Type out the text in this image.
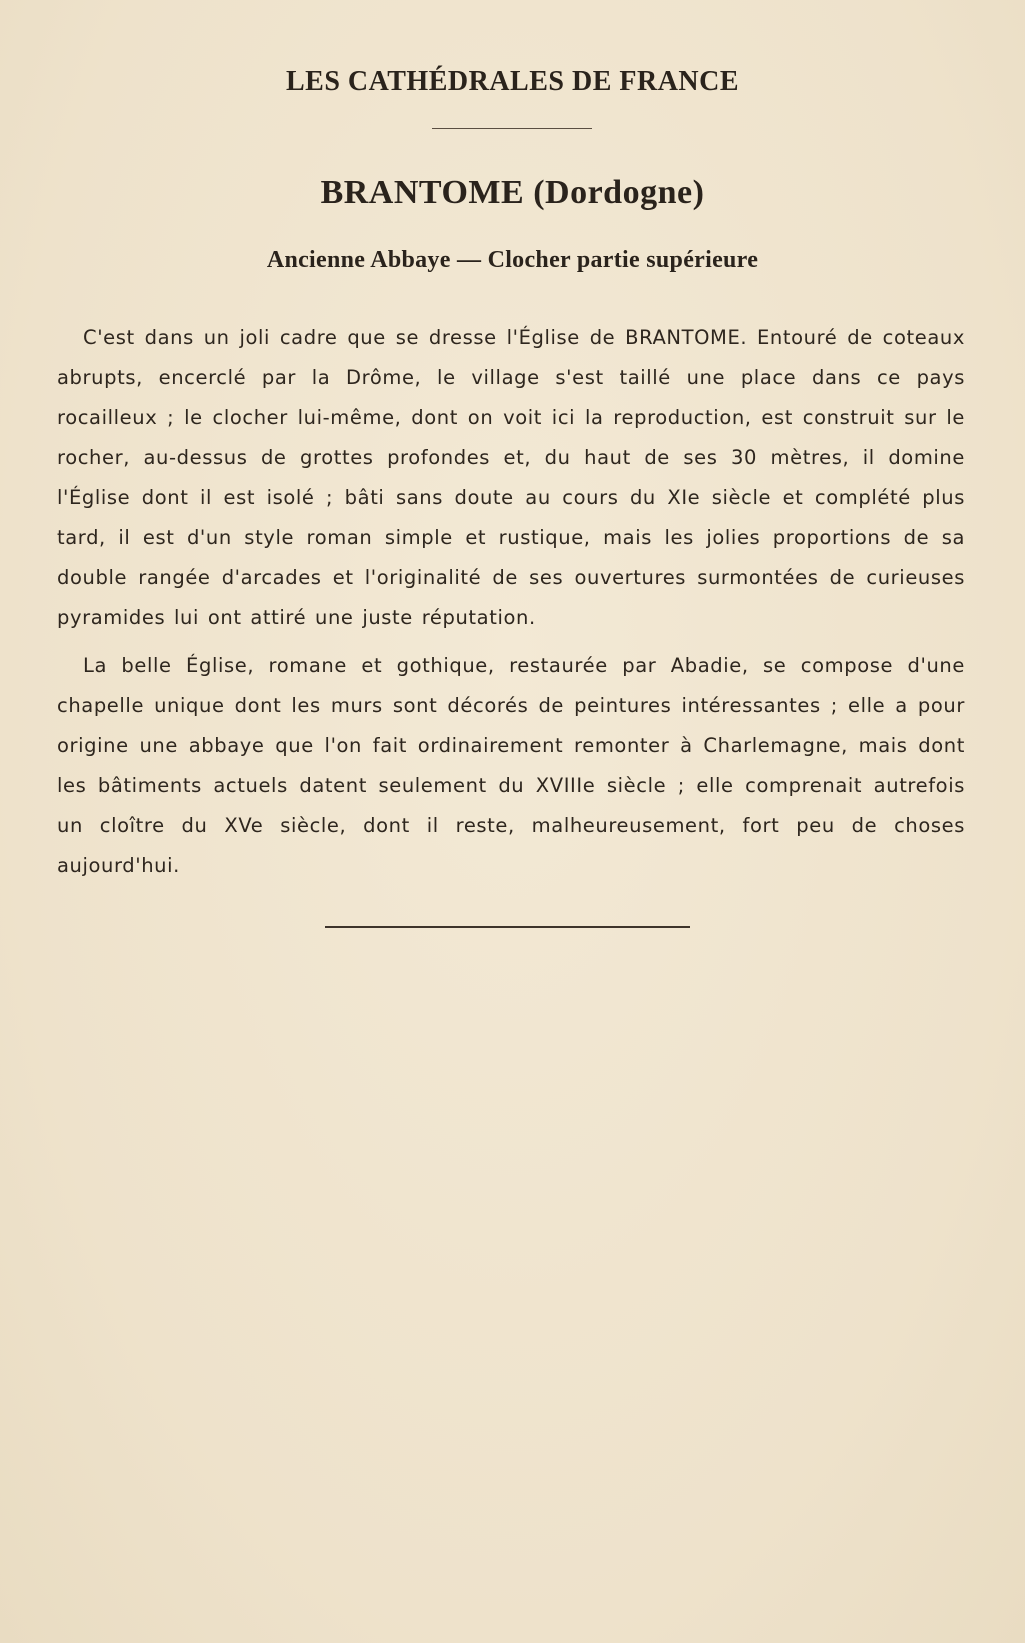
LES CATHÉDRALES DE FRANCE
BRANTOME (Dordogne)
Ancienne Abbaye — Clocher partie supérieure

C'est dans un joli cadre que se dresse l'Église de BRANTOME. Entouré de coteaux abrupts, encerclé par la Drôme, le village s'est taillé une place dans ce pays rocailleux ; le clocher lui-même, dont on voit ici la reproduction, est construit sur le rocher, au-dessus de grottes profondes et, du haut de ses 30 mètres, il domine l'Église dont il est isolé ; bâti sans doute au cours du XIe siècle et complété plus tard, il est d'un style roman simple et rustique, mais les jolies proportions de sa double rangée d'arcades et l'originalité de ses ouvertures surmontées de curieuses pyramides lui ont attiré une juste réputation.

La belle Église, romane et gothique, restaurée par Abadie, se compose d'une chapelle unique dont les murs sont décorés de peintures intéressantes ; elle a pour origine une abbaye que l'on fait ordinairement remonter à Charlemagne, mais dont les bâtiments actuels datent seulement du XVIIIe siècle ; elle comprenait autrefois un cloître du XVe siècle, dont il reste, malheureusement, fort peu de choses aujourd'hui.
